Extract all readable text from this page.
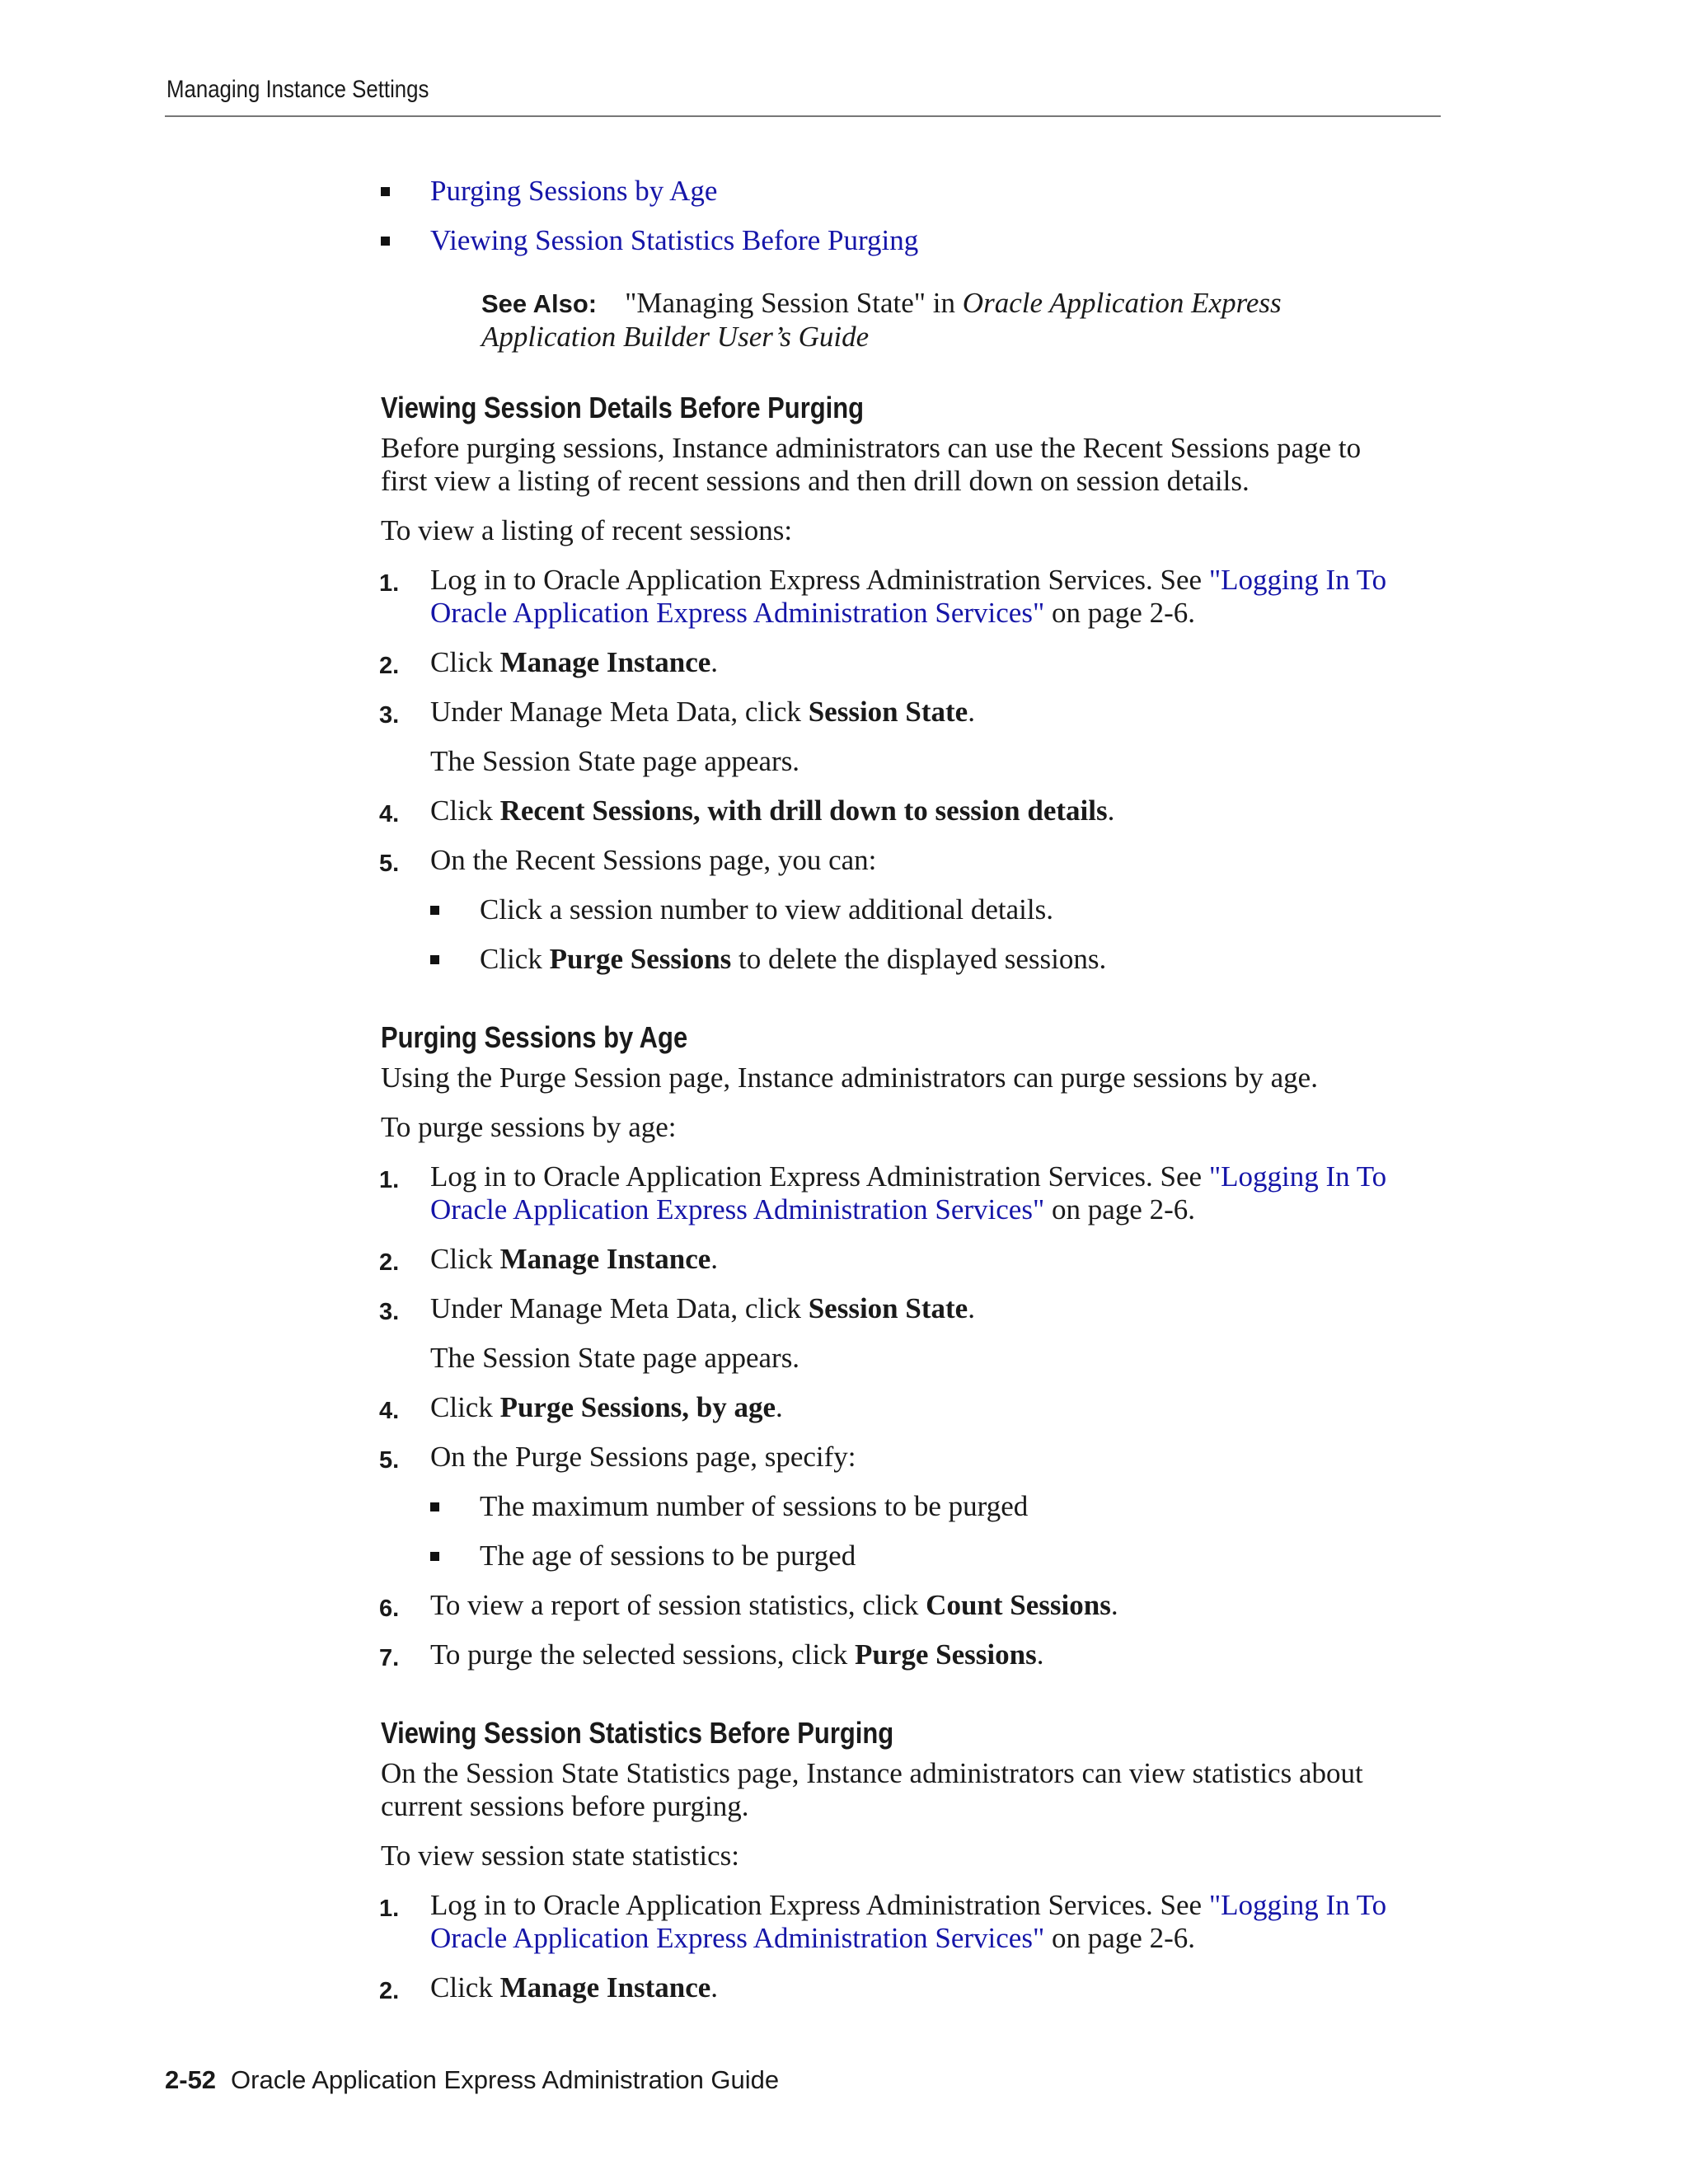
Managing Instance Settings
Purging Sessions by Age
Viewing Session Statistics Before Purging
See Also: "Managing Session State" in Oracle Application Express
Application Builder User’s Guide
Viewing Session Details Before Purging
Before purging sessions, Instance administrators can use the Recent Sessions page to
first view a listing of recent sessions and then drill down on session details.
To view a listing of recent sessions:
1. Log in to Oracle Application Express Administration Services. See "Logging In To
Oracle Application Express Administration Services" on page 2-6.
2. Click Manage Instance.
3. Under Manage Meta Data, click Session State.
The Session State page appears.
4. Click Recent Sessions, with drill down to session details.
5. On the Recent Sessions page, you can:
Click a session number to view additional details.
Click Purge Sessions to delete the displayed sessions.
Purging Sessions by Age
Using the Purge Session page, Instance administrators can purge sessions by age.
To purge sessions by age:
1. Log in to Oracle Application Express Administration Services. See "Logging In To
Oracle Application Express Administration Services" on page 2-6.
2. Click Manage Instance.
3. Under Manage Meta Data, click Session State.
The Session State page appears.
4. Click Purge Sessions, by age.
5. On the Purge Sessions page, specify:
The maximum number of sessions to be purged
The age of sessions to be purged
6. To view a report of session statistics, click Count Sessions.
7. To purge the selected sessions, click Purge Sessions.
Viewing Session Statistics Before Purging
On the Session State Statistics page, Instance administrators can view statistics about
current sessions before purging.
To view session state statistics:
1. Log in to Oracle Application Express Administration Services. See "Logging In To
Oracle Application Express Administration Services" on page 2-6.
2. Click Manage Instance.
2-52 Oracle Application Express Administration Guide
